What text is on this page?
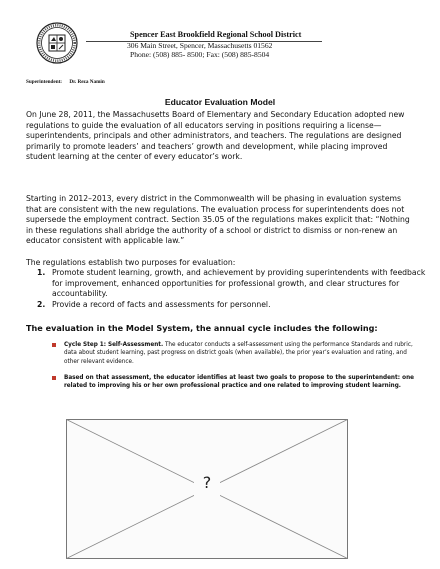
Spencer East Brookfield Regional School District
306 Main Street, Spencer, Massachusetts 01562
Phone: (508) 885- 8500; Fax: (508) 885-8504
Superintendent: Dr. Reza Namin
Educator Evaluation Model

On June 28, 2011, the Massachusetts Board of Elementary and Secondary Education adopted new regulations to guide the evaluation of all educators serving in positions requiring a license—superintendents, principals and other administrators, and teachers. The regulations are designed primarily to promote leaders’ and teachers’ growth and development, while placing improved student learning at the center of every educator’s work.

Starting in 2012–2013, every district in the Commonwealth will be phasing in evaluation systems that are consistent with the new regulations. The evaluation process for superintendents does not supersede the employment contract. Section 35.05 of the regulations makes explicit that: “Nothing in these regulations shall abridge the authority of a school or district to dismiss or non-renew an educator consistent with applicable law.”

The regulations establish two purposes for evaluation:

1. Promote student learning, growth, and achievement by providing superintendents with feedback for improvement, enhanced opportunities for professional growth, and clear structures for accountability.
2. Provide a record of facts and assessments for personnel.
The evaluation in the Model System, the annual cycle includes the following:
Cycle Step 1: Self-Assessment. The educator conducts a self-assessment using the performance Standards and rubric, data about student learning, past progress on district goals (when available), the prior year’s evaluation and rating, and other relevant evidence.
Based on that assessment, the educator identifies at least two goals to propose to the superintendent: one related to improving his or her own professional practice and one related to improving student learning.
?
